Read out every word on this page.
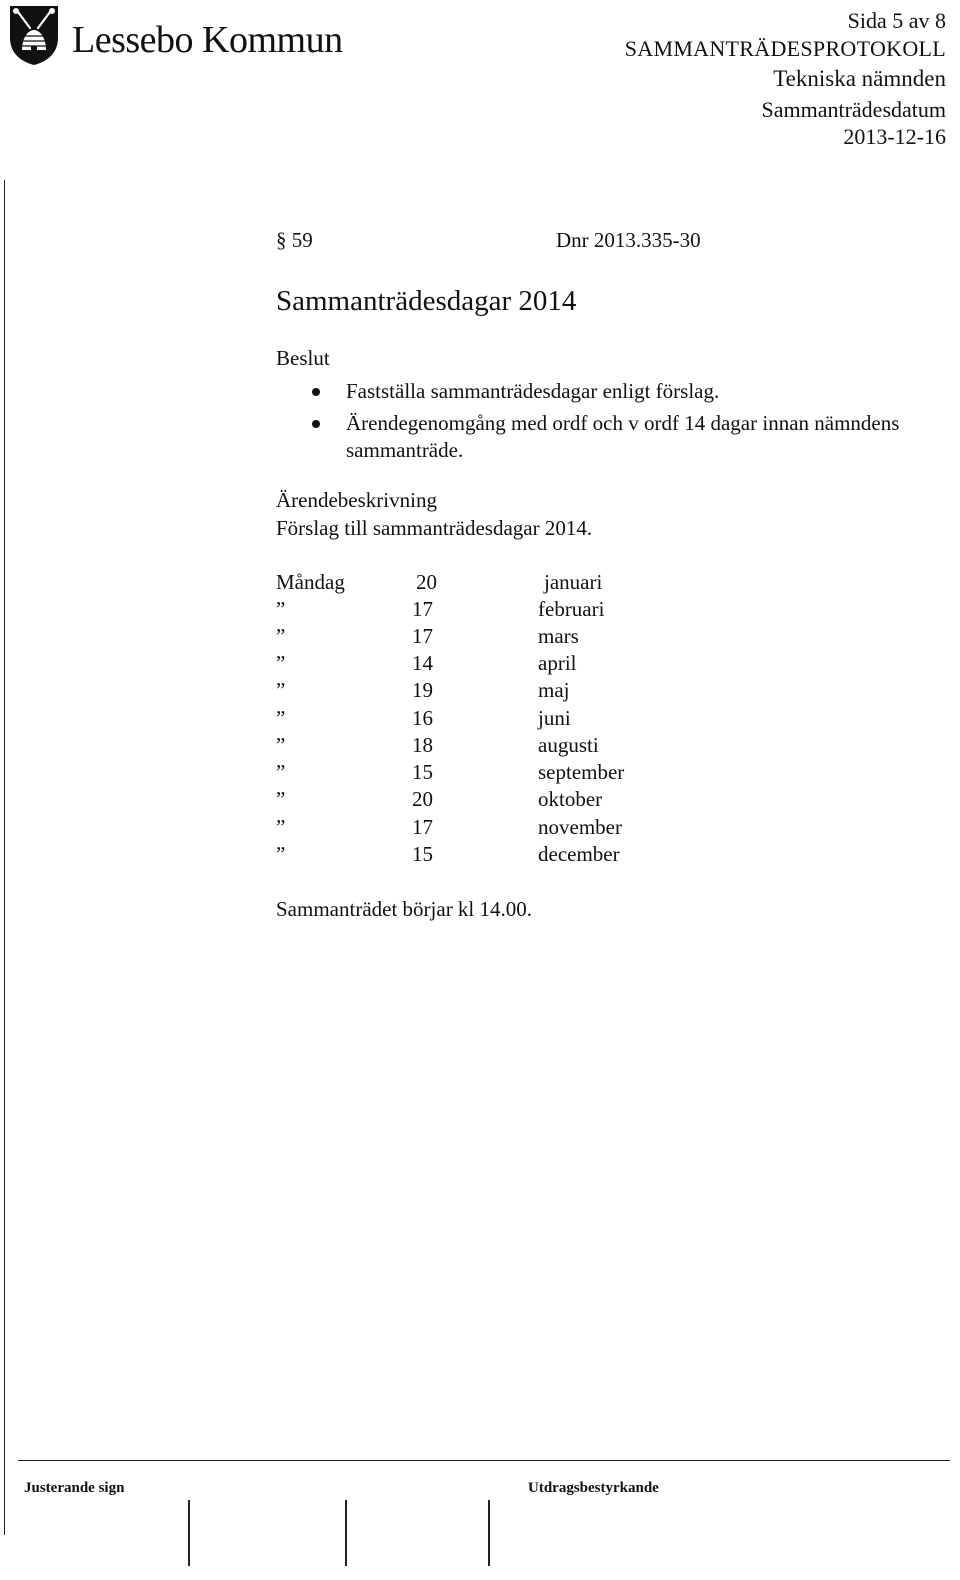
Lessebo Kommun	Sida 5 av 8
SAMMANTRÄDESPROTOKOLL
Tekniska nämnden
Sammanträdesdatum
2013-12-16
§ 59	Dnr 2013.335-30
Sammanträdesdagar 2014
Beslut
Fastställa sammanträdesdagar enligt förslag.
Ärendegenomgång med ordf och v ordf 14 dagar innan nämndens sammanträde.
Ärendebeskrivning
Förslag till sammanträdesdagar 2014.
Måndag	20	januari
”	17	februari
”	17	mars
”	14	april
”	19	maj
”	16	juni
”	18	augusti
”	15	september
”	20	oktober
”	17	november
”	15	december
Sammanträdet börjar kl 14.00.
Justerande sign	Utdragsbestyrkande
